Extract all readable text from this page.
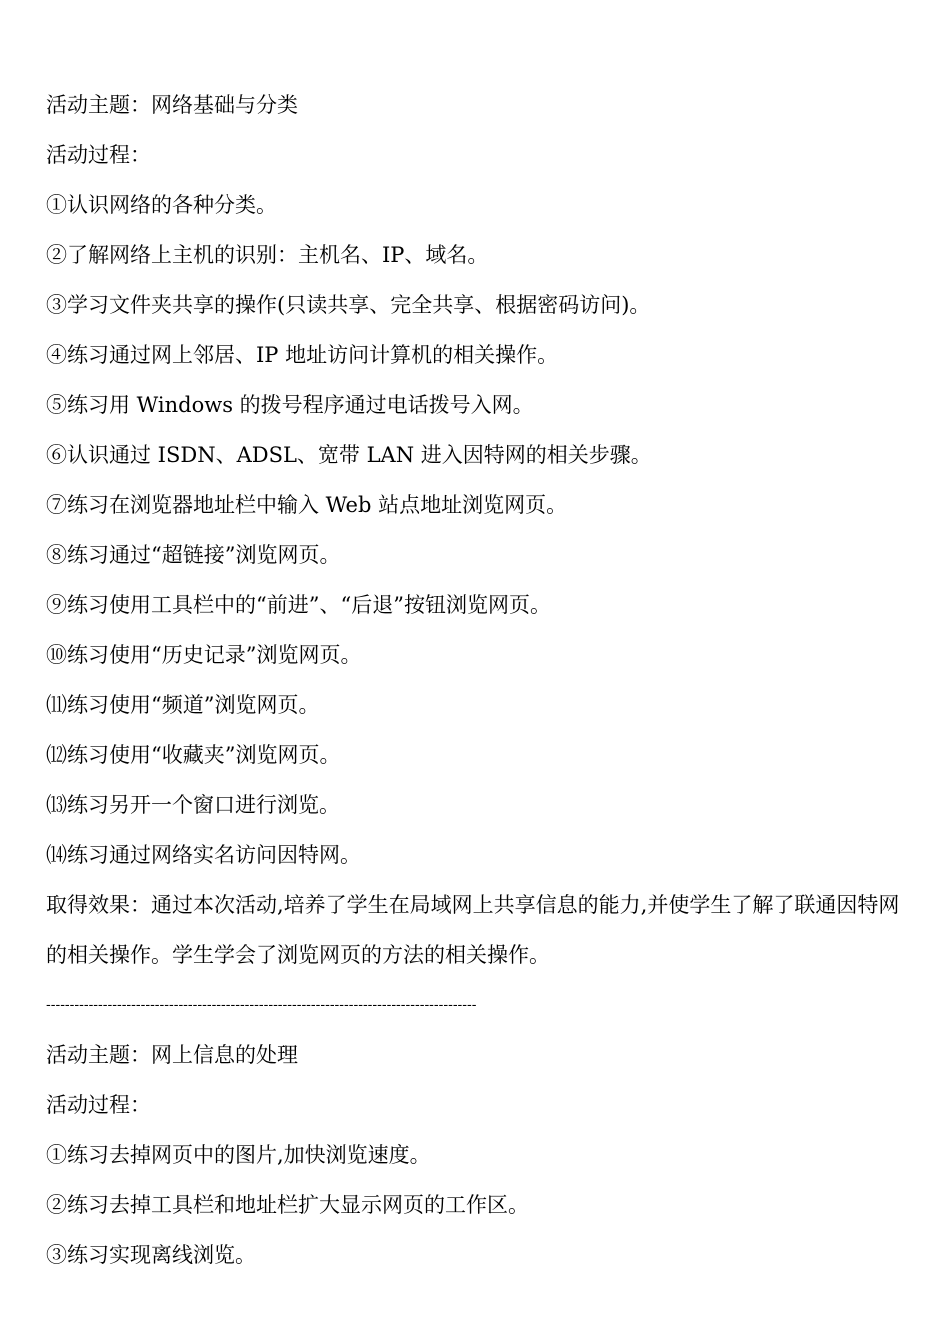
活动主题：网络基础与分类
活动过程：
①认识网络的各种分类。
②了解网络上主机的识别：主机名、IP、域名。
③学习文件夹共享的操作(只读共享、完全共享、根据密码访问)。
④练习通过网上邻居、IP 地址访问计算机的相关操作。
⑤练习用 Windows 的拨号程序通过电话拨号入网。
⑥认识通过 ISDN、ADSL、宽带 LAN 进入因特网的相关步骤。
⑦练习在浏览器地址栏中输入 Web 站点地址浏览网页。
⑧练习通过“超链接”浏览网页。
⑨练习使用工具栏中的“前进”、“后退”按钮浏览网页。
⑩练习使用“历史记录”浏览网页。
⑾练习使用“频道”浏览网页。
⑿练习使用“收藏夹”浏览网页。
⒀练习另开一个窗口进行浏览。
⒁练习通过网络实名访问因特网。
取得效果：通过本次活动,培养了学生在局域网上共享信息的能力,并使学生了解了联通因特网的相关操作。学生学会了浏览网页的方法的相关操作。
-------------------------------------------------------------------------------------------
活动主题：网上信息的处理
活动过程：
①练习去掉网页中的图片,加快浏览速度。
②练习去掉工具栏和地址栏扩大显示网页的工作区。
③练习实现离线浏览。
